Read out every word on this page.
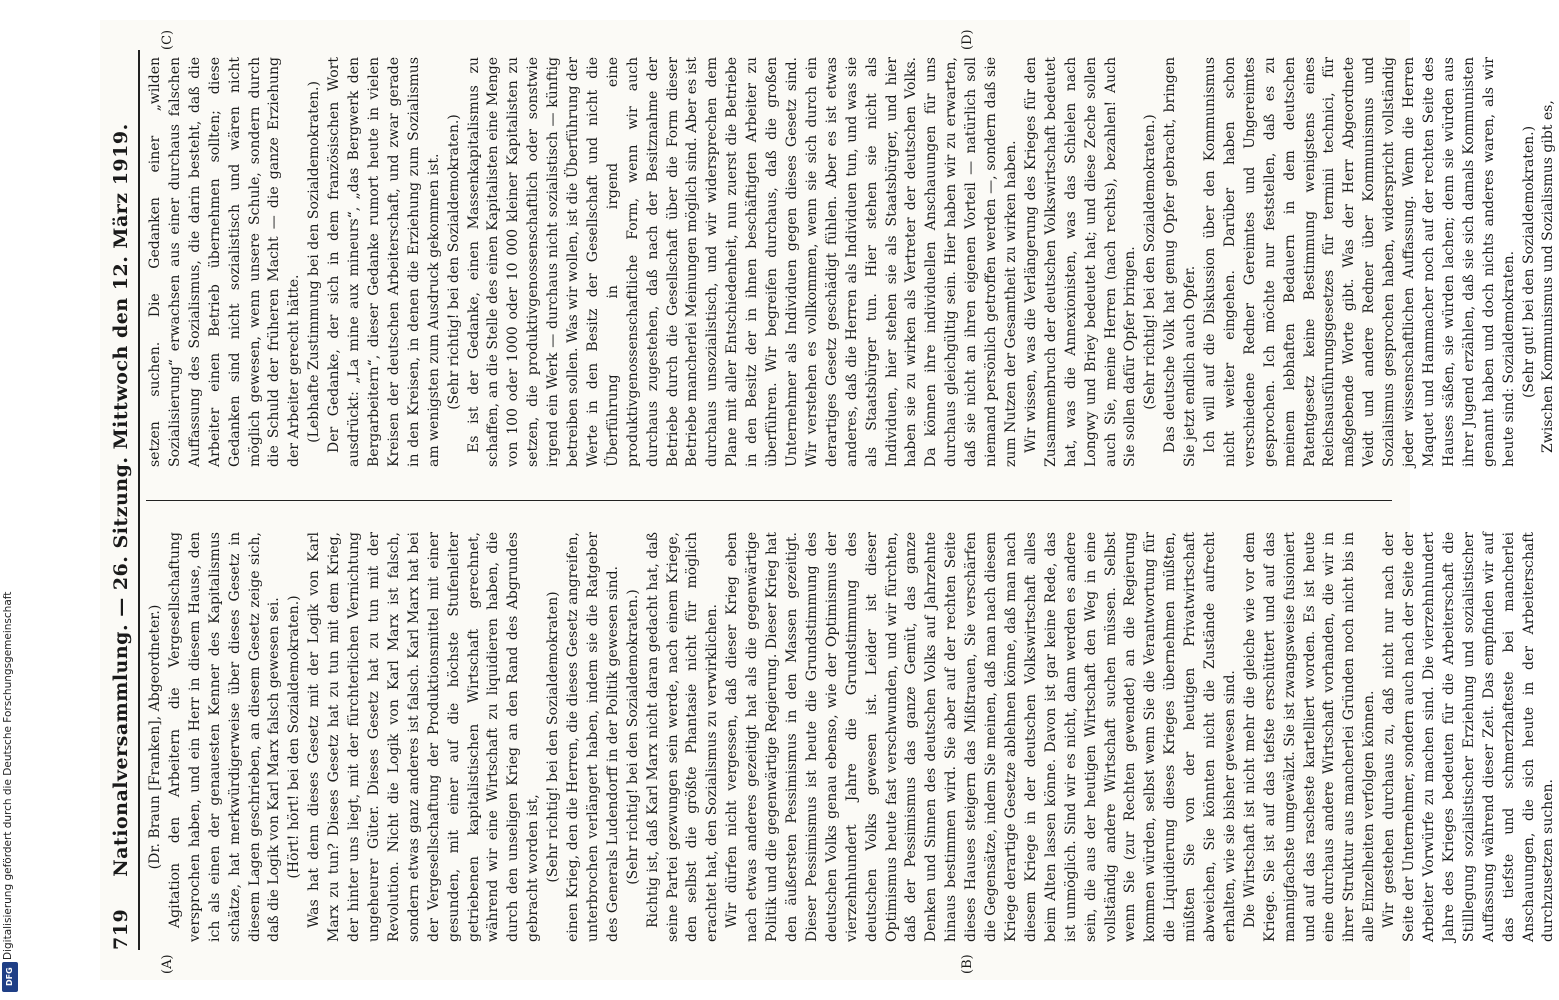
Digitalisierung gefördert durch die Deutsche Forschungsgemeinschaft
DFG
719
Nationalversammlung. — 26. Sitzung. Mittwoch den 12. März 1919. (Dr. Braun [Franken], Abgeordneter.) Agitation den Arbeitern die Vergesellschaftung versprochen haben, und ein Herr in diesem Hause, den ich als einen der genauesten Kenner des Kapitalismus schätze, hat merkwürdigerweise über dieses Gesetz in diesem Lagen geschrieben, an diesem Gesetz zeige sich, daß die Logik von Karl Marx falsch gewesen sei. (Hört! hört! bei den Sozialdemokraten.) Was hat denn dieses Gesetz mit der Logik von Karl Marx zu tun? Dieses Gesetz hat zu tun mit dem Krieg, der hinter uns liegt, mit der fürchterlichen Vernichtung ungeheurer Güter. Dieses Gesetz hat zu tun mit der Revolution. Nicht die Logik von Karl Marx ist falsch, sondern etwas ganz anderes ist falsch. Karl Marx hat bei der Vergesellschaftung der Produktionsmittel mit einer gesunden, mit einer auf die höchste Stufenleiter getriebenen kapitalistischen Wirtschaft gerechnet, während wir eine Wirtschaft zu liquidieren haben, die durch den unseligen Krieg an den Rand des Abgrundes gebracht worden ist, (Sehr richtig! bei den Sozialdemokraten) einen Krieg, den die Herren, die dieses Gesetz angreifen, unterbrochen verlängert haben, indem sie die Ratgeber des Generals Ludendorff in der Politik gewesen sind. (Sehr richtig! bei den Sozialdemokraten.) Richtig ist, daß Karl Marx nicht daran gedacht hat, daß seine Partei gezwungen sein werde, nach einem Kriege, den selbst die größte Phantasie nicht für möglich erachtet hat, den Sozialismus zu verwirklichen. Wir dürfen nicht vergessen, daß dieser Krieg eben nach etwas anderes gezeitigt hat als die gegenwärtige Politik und die gegenwärtige Regierung. Dieser Krieg hat den äußersten Pessimismus in den Massen gezeitigt. Dieser Pessimismus ist heute die Grundstimmung des deutschen Volks genau ebenso, wie der Optimismus der vierzehnhundert Jahre die Grundstimmung des deutschen Volks gewesen ist. Leider ist dieser Optimismus heute fast verschwunden, und wir fürchten, daß der Pessimismus das ganze Gemüt, das ganze Denken und Sinnen des deutschen Volks auf Jahrzehnte hinaus bestimmen wird. Sie aber auf der rechten Seite dieses Hauses steigern das Mißtrauen, Sie verschärfen die Gegensätze, indem Sie meinen, daß man nach diesem Kriege derartige Gesetze ablehnen könne, daß man nach diesem Kriege in der deutschen Volkswirtschaft alles beim Alten lassen könne. Davon ist gar keine Rede, das ist unmöglich. Sind wir es nicht, dann werden es andere sein, die aus der heutigen Wirtschaft den Weg in eine vollständig andere Wirtschaft suchen müssen. Selbst wenn Sie (zur Rechten gewendet) an die Regierung kommen würden, selbst wenn Sie die Verantwortung für die Liquidierung dieses Krieges übernehmen müßten, müßten Sie von der heutigen Privatwirtschaft abweichen, Sie könnten nicht die Zustände aufrecht erhalten, wie sie bisher gewesen sind. Die Wirtschaft ist nicht mehr die gleiche wie vor dem Kriege. Sie ist auf das tiefste erschüttert und auf das mannigfachste umgewälzt. Sie ist zwangsweise fusioniert und auf das rascheste kartelliert worden. Es ist heute eine durchaus andere Wirtschaft vorhanden, die wir in ihrer Struktur aus mancherlei Gründen noch nicht bis in alle Einzelheiten verfolgen können. Wir gestehen durchaus zu, daß nicht nur nach der Seite der Unternehmer, sondern auch nach der Seite der Arbeiter Vorwürfe zu machen sind. Die vierzehnhundert Jahre des Krieges bedeuten für die Arbeiterschaft die Stilllegung sozialistischer Erziehung und sozialistischer Auffassung während dieser Zeit. Das empfinden wir auf das tiefste und schmerzhafteste bei mancherlei Anschauungen, die sich heute in der Arbeiterschaft durchzusetzen suchen.

setzen suchen. Die Gedanken einer „wilden Sozialisierung“ erwachsen aus einer durchaus falschen Auffassung des Sozialismus, die darin besteht, daß die Arbeiter einen Betrieb übernehmen sollten; diese Gedanken sind nicht sozialistisch und wären nicht möglich gewesen, wenn unsere Schule, sondern durch die Schuld der früheren Macht — die ganze Erziehung der Arbeiter gerecht hätte. (Lebhafte Zustimmung bei den Sozialdemokraten.) Der Gedanke, der sich in dem französischen Wort ausdrückt: „La mine aux mineurs“, „das Bergwerk den Bergarbeitern“, dieser Gedanke rumort heute in vielen Kreisen der deutschen Arbeiterschaft, und zwar gerade in den Kreisen, in denen die Erziehung zum Sozialismus am wenigsten zum Ausdruck gekommen ist. (Sehr richtig! bei den Sozialdemokraten.) Es ist der Gedanke, einen Massenkapitalismus zu schaffen, an die Stelle des einen Kapitalisten eine Menge von 100 oder 1000 oder 10 000 kleiner Kapitalisten zu setzen, die produktivgenossenschaftlich oder sonstwie irgend ein Werk — durchaus nicht sozialistisch — künftig betreiben sollen. Was wir wollen, ist die Überführung der Werte in den Besitz der Gesellschaft und nicht die Überführung in irgend eine produktivgenossenschaftliche Form, wenn wir auch durchaus zugestehen, daß nach der Besitznahme der Betriebe durch die Gesellschaft über die Form dieser Betriebe mancherlei Meinungen möglich sind. Aber es ist durchaus unsozialistisch, und wir widersprechen dem Plane mit aller Entschiedenheit, nun zuerst die Betriebe in den Besitz der in ihnen beschäftigten Arbeiter zu überführen. Wir begreifen durchaus, daß die großen Unternehmer als Individuen gegen dieses Gesetz sind. Wir verstehen es vollkommen, wenn sie sich durch ein derartiges Gesetz geschädigt fühlen. Aber es ist etwas anderes, daß die Herren als Individuen tun, und was sie als Staatsbürger tun. Hier stehen sie nicht als Individuen, hier stehen sie als Staatsbürger, und hier haben sie zu wirken als Vertreter der deutschen Volks. Da können ihre individuellen Anschauungen für uns durchaus gleichgültig sein. Hier haben wir zu erwarten, daß sie nicht an ihren eigenen Vorteil — natürlich soll niemand persönlich getroffen werden —, sondern daß sie zum Nutzen der Gesamtheit zu wirken haben. Wir wissen, was die Verlängerung des Krieges für den Zusammenbruch der deutschen Volkswirtschaft bedeutet hat, was die Annexionisten, was das Schielen nach Longwy und Briey bedeutet hat; und diese Zeche sollen auch Sie, meine Herren (nach rechts), bezahlen! Auch Sie sollen dafür Opfer bringen. (Sehr richtig! bei den Sozialdemokraten.) Das deutsche Volk hat genug Opfer gebracht, bringen Sie jetzt endlich auch Opfer. Ich will auf die Diskussion über den Kommunismus nicht weiter eingehen. Darüber haben schon verschiedene Redner Gereimtes und Ungereimtes gesprochen. Ich möchte nur feststellen, daß es zu meinem lebhaften Bedauern in dem deutschen Patentgesetz keine Bestimmung wenigstens eines Reichsausführungsgesetzes für termini technici, für maßgebende Worte gibt. Was der Herr Abgeordnete Veidt und andere Redner über Kommunismus und Sozialismus gesprochen haben, widerspricht vollständig jeder wissenschaftlichen Auffassung. Wenn die Herren Maquet und Hammacher noch auf der rechten Seite des Hauses säßen, sie würden lachen; denn sie würden aus ihrer Jugend erzählen, daß sie sich damals Kommunisten genannt haben und doch nichts anderes waren, als wir heute sind: Sozialdemokraten. (Sehr gut! bei den Sozialdemokraten.) Zwischen Kommunismus und Sozialismus gibt es,

(A)	(B)
(C)	(D)
